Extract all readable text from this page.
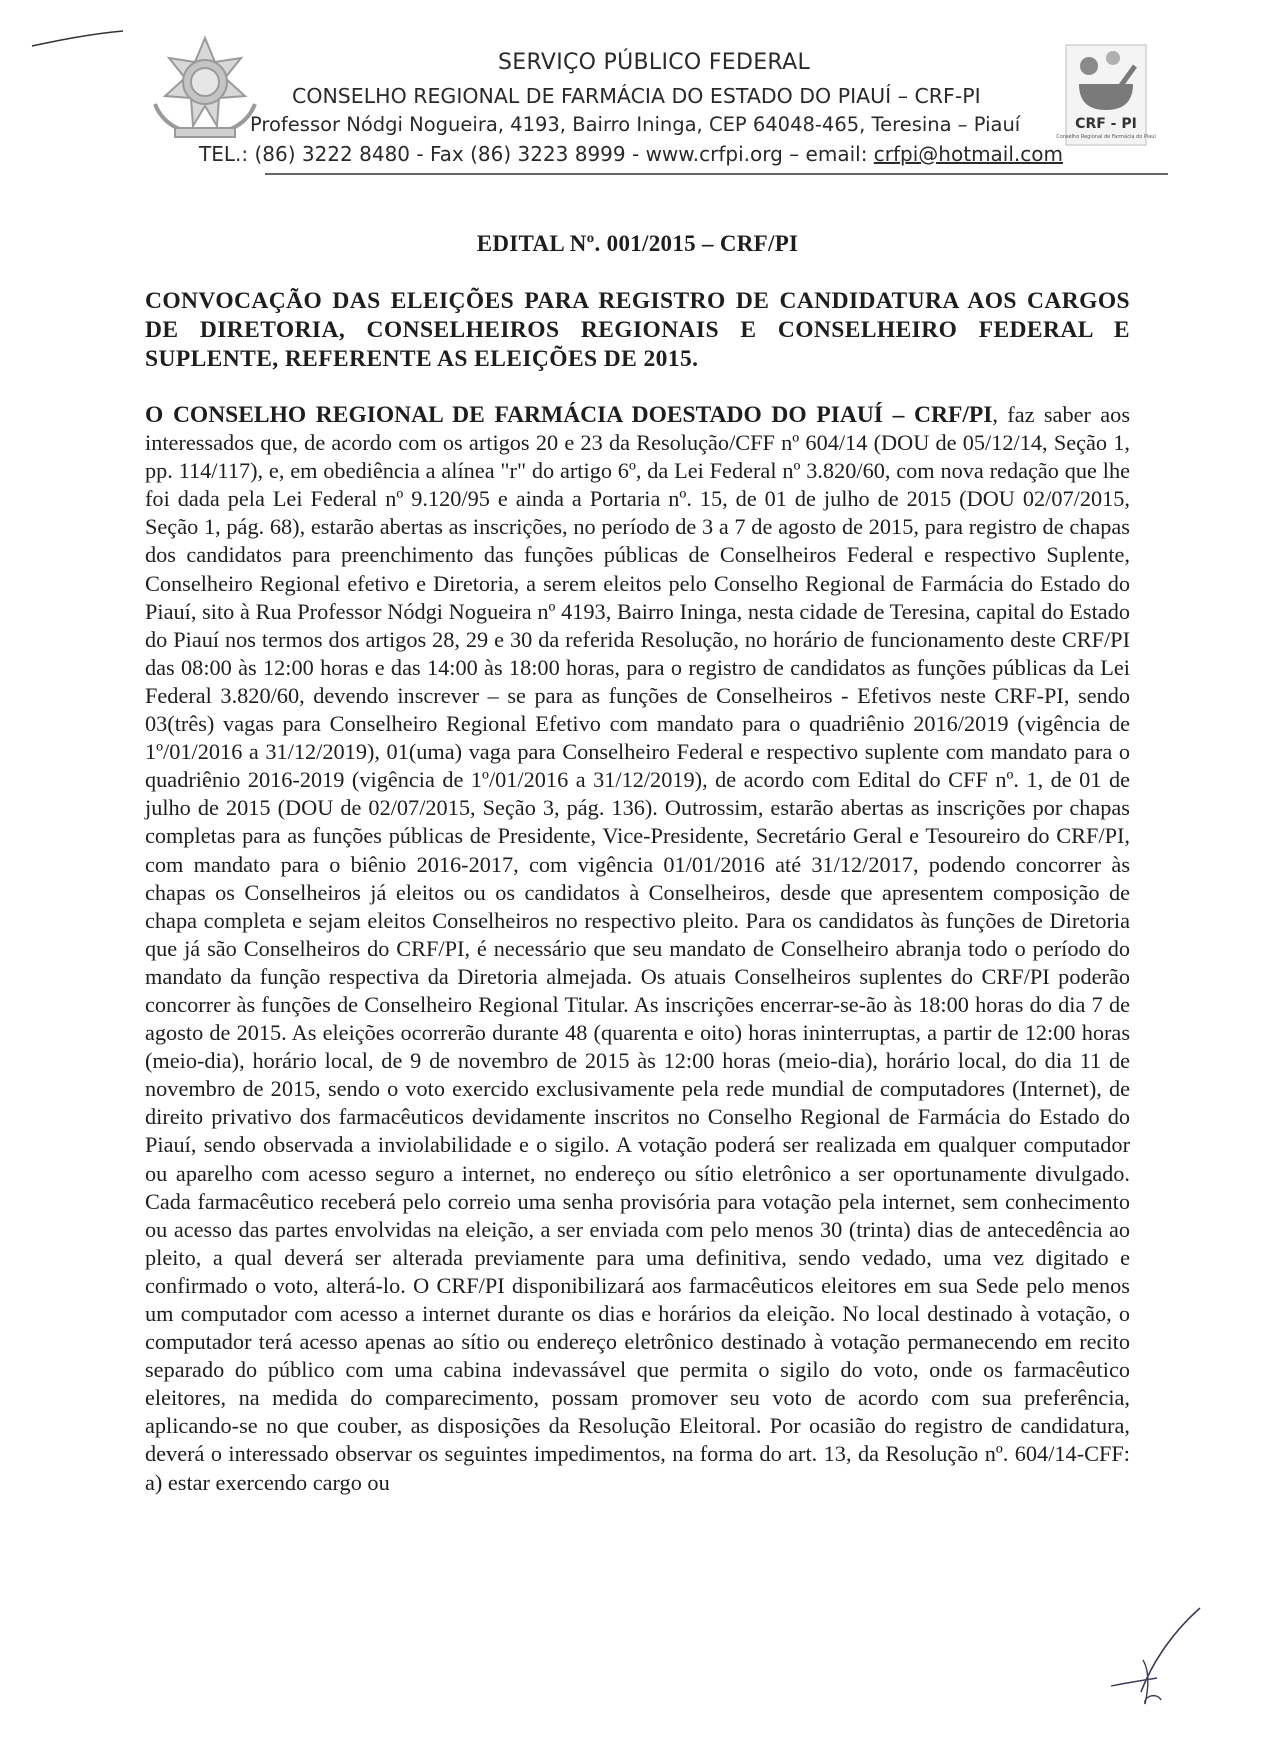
SERVIÇO PÚBLICO FEDERAL
CONSELHO REGIONAL DE FARMÁCIA DO ESTADO DO PIAUÍ – CRF-PI
Professor Nódgi Nogueira, 4193, Bairro Ininga, CEP 64048-465, Teresina – Piauí
TEL.: (86) 3222 8480 - Fax (86) 3223 8999 - www.crfpi.org – email: crfpi@hotmail.com
CRF - PI
Conselho Regional de Farmácia do Piauí
EDITAL Nº. 001/2015 – CRF/PI
CONVOCAÇÃO DAS ELEIÇÕES PARA REGISTRO DE CANDIDATURA AOS CARGOS DE DIRETORIA, CONSELHEIROS REGIONAIS E CONSELHEIRO FEDERAL E SUPLENTE, REFERENTE AS ELEIÇÕES DE 2015.
O CONSELHO REGIONAL DE FARMÁCIA DOESTADO DO PIAUÍ – CRF/PI, faz saber aos interessados que, de acordo com os artigos 20 e 23 da Resolução/CFF nº 604/14 (DOU de 05/12/14, Seção 1, pp. 114/117), e, em obediência a alínea "r" do artigo 6º, da Lei Federal nº 3.820/60, com nova redação que lhe foi dada pela Lei Federal nº 9.120/95 e ainda a Portaria nº. 15, de 01 de julho de 2015 (DOU 02/07/2015, Seção 1, pág. 68), estarão abertas as inscrições, no período de 3 a 7 de agosto de 2015, para registro de chapas dos candidatos para preenchimento das funções públicas de Conselheiros Federal e respectivo Suplente, Conselheiro Regional efetivo e Diretoria, a serem eleitos pelo Conselho Regional de Farmácia do Estado do Piauí, sito à Rua Professor Nódgi Nogueira nº 4193, Bairro Ininga, nesta cidade de Teresina, capital do Estado do Piauí nos termos dos artigos 28, 29 e 30 da referida Resolução, no horário de funcionamento deste CRF/PI das 08:00 às 12:00 horas e das 14:00 às 18:00 horas, para o registro de candidatos as funções públicas da Lei Federal 3.820/60, devendo inscrever – se para as funções de Conselheiros - Efetivos neste CRF-PI, sendo 03(três) vagas para Conselheiro Regional Efetivo com mandato para o quadriênio 2016/2019 (vigência de 1º/01/2016 a 31/12/2019), 01(uma) vaga para Conselheiro Federal e respectivo suplente com mandato para o quadriênio 2016-2019 (vigência de 1º/01/2016 a 31/12/2019), de acordo com Edital do CFF nº. 1, de 01 de julho de 2015 (DOU de 02/07/2015, Seção 3, pág. 136). Outrossim, estarão abertas as inscrições por chapas completas para as funções públicas de Presidente, Vice-Presidente, Secretário Geral e Tesoureiro do CRF/PI, com mandato para o biênio 2016-2017, com vigência 01/01/2016 até 31/12/2017, podendo concorrer às chapas os Conselheiros já eleitos ou os candidatos à Conselheiros, desde que apresentem composição de chapa completa e sejam eleitos Conselheiros no respectivo pleito. Para os candidatos às funções de Diretoria que já são Conselheiros do CRF/PI, é necessário que seu mandato de Conselheiro abranja todo o período do mandato da função respectiva da Diretoria almejada. Os atuais Conselheiros suplentes do CRF/PI poderão concorrer às funções de Conselheiro Regional Titular. As inscrições encerrar-se-ão às 18:00 horas do dia 7 de agosto de 2015. As eleições ocorrerão durante 48 (quarenta e oito) horas ininterruptas, a partir de 12:00 horas (meio-dia), horário local, de 9 de novembro de 2015 às 12:00 horas (meio-dia), horário local, do dia 11 de novembro de 2015, sendo o voto exercido exclusivamente pela rede mundial de computadores (Internet), de direito privativo dos farmacêuticos devidamente inscritos no Conselho Regional de Farmácia do Estado do Piauí, sendo observada a inviolabilidade e o sigilo. A votação poderá ser realizada em qualquer computador ou aparelho com acesso seguro a internet, no endereço ou sítio eletrônico a ser oportunamente divulgado. Cada farmacêutico receberá pelo correio uma senha provisória para votação pela internet, sem conhecimento ou acesso das partes envolvidas na eleição, a ser enviada com pelo menos 30 (trinta) dias de antecedência ao pleito, a qual deverá ser alterada previamente para uma definitiva, sendo vedado, uma vez digitado e confirmado o voto, alterá-lo. O CRF/PI disponibilizará aos farmacêuticos eleitores em sua Sede pelo menos um computador com acesso a internet durante os dias e horários da eleição. No local destinado à votação, o computador terá acesso apenas ao sítio ou endereço eletrônico destinado à votação permanecendo em recito separado do público com uma cabina indevassável que permita o sigilo do voto, onde os farmacêutico eleitores, na medida do comparecimento, possam promover seu voto de acordo com sua preferência, aplicando-se no que couber, as disposições da Resolução Eleitoral. Por ocasião do registro de candidatura, deverá o interessado observar os seguintes impedimentos, na forma do art. 13, da Resolução nº. 604/14-CFF: a) estar exercendo cargo ou
